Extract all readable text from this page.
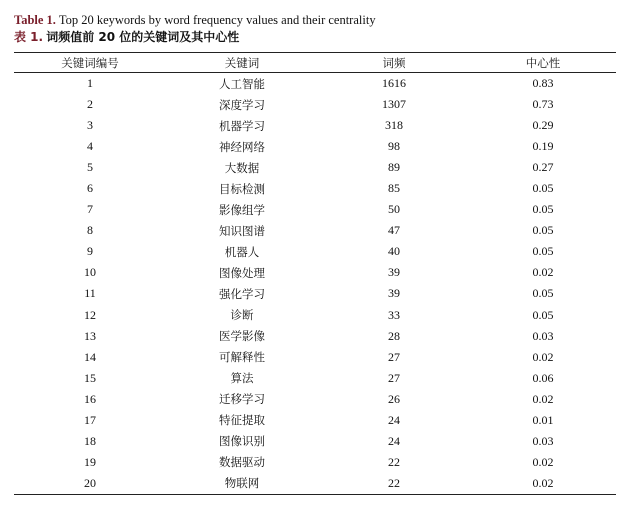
Table 1. Top 20 keywords by word frequency values and their centrality
表 1. 词频值前 20 位的关键词及其中心性
关键词编号	关键词	词频	中心性
1	人工智能	1616	0.83
2	深度学习	1307	0.73
3	机器学习	318	0.29
4	神经网络	98	0.19
5	大数据	89	0.27
6	目标检测	85	0.05
7	影像组学	50	0.05
8	知识图谱	47	0.05
9	机器人	40	0.05
10	图像处理	39	0.02
11	强化学习	39	0.05
12	诊断	33	0.05
13	医学影像	28	0.03
14	可解释性	27	0.02
15	算法	27	0.06
16	迁移学习	26	0.02
17	特征提取	24	0.01
18	图像识别	24	0.03
19	数据驱动	22	0.02
20	物联网	22	0.02
